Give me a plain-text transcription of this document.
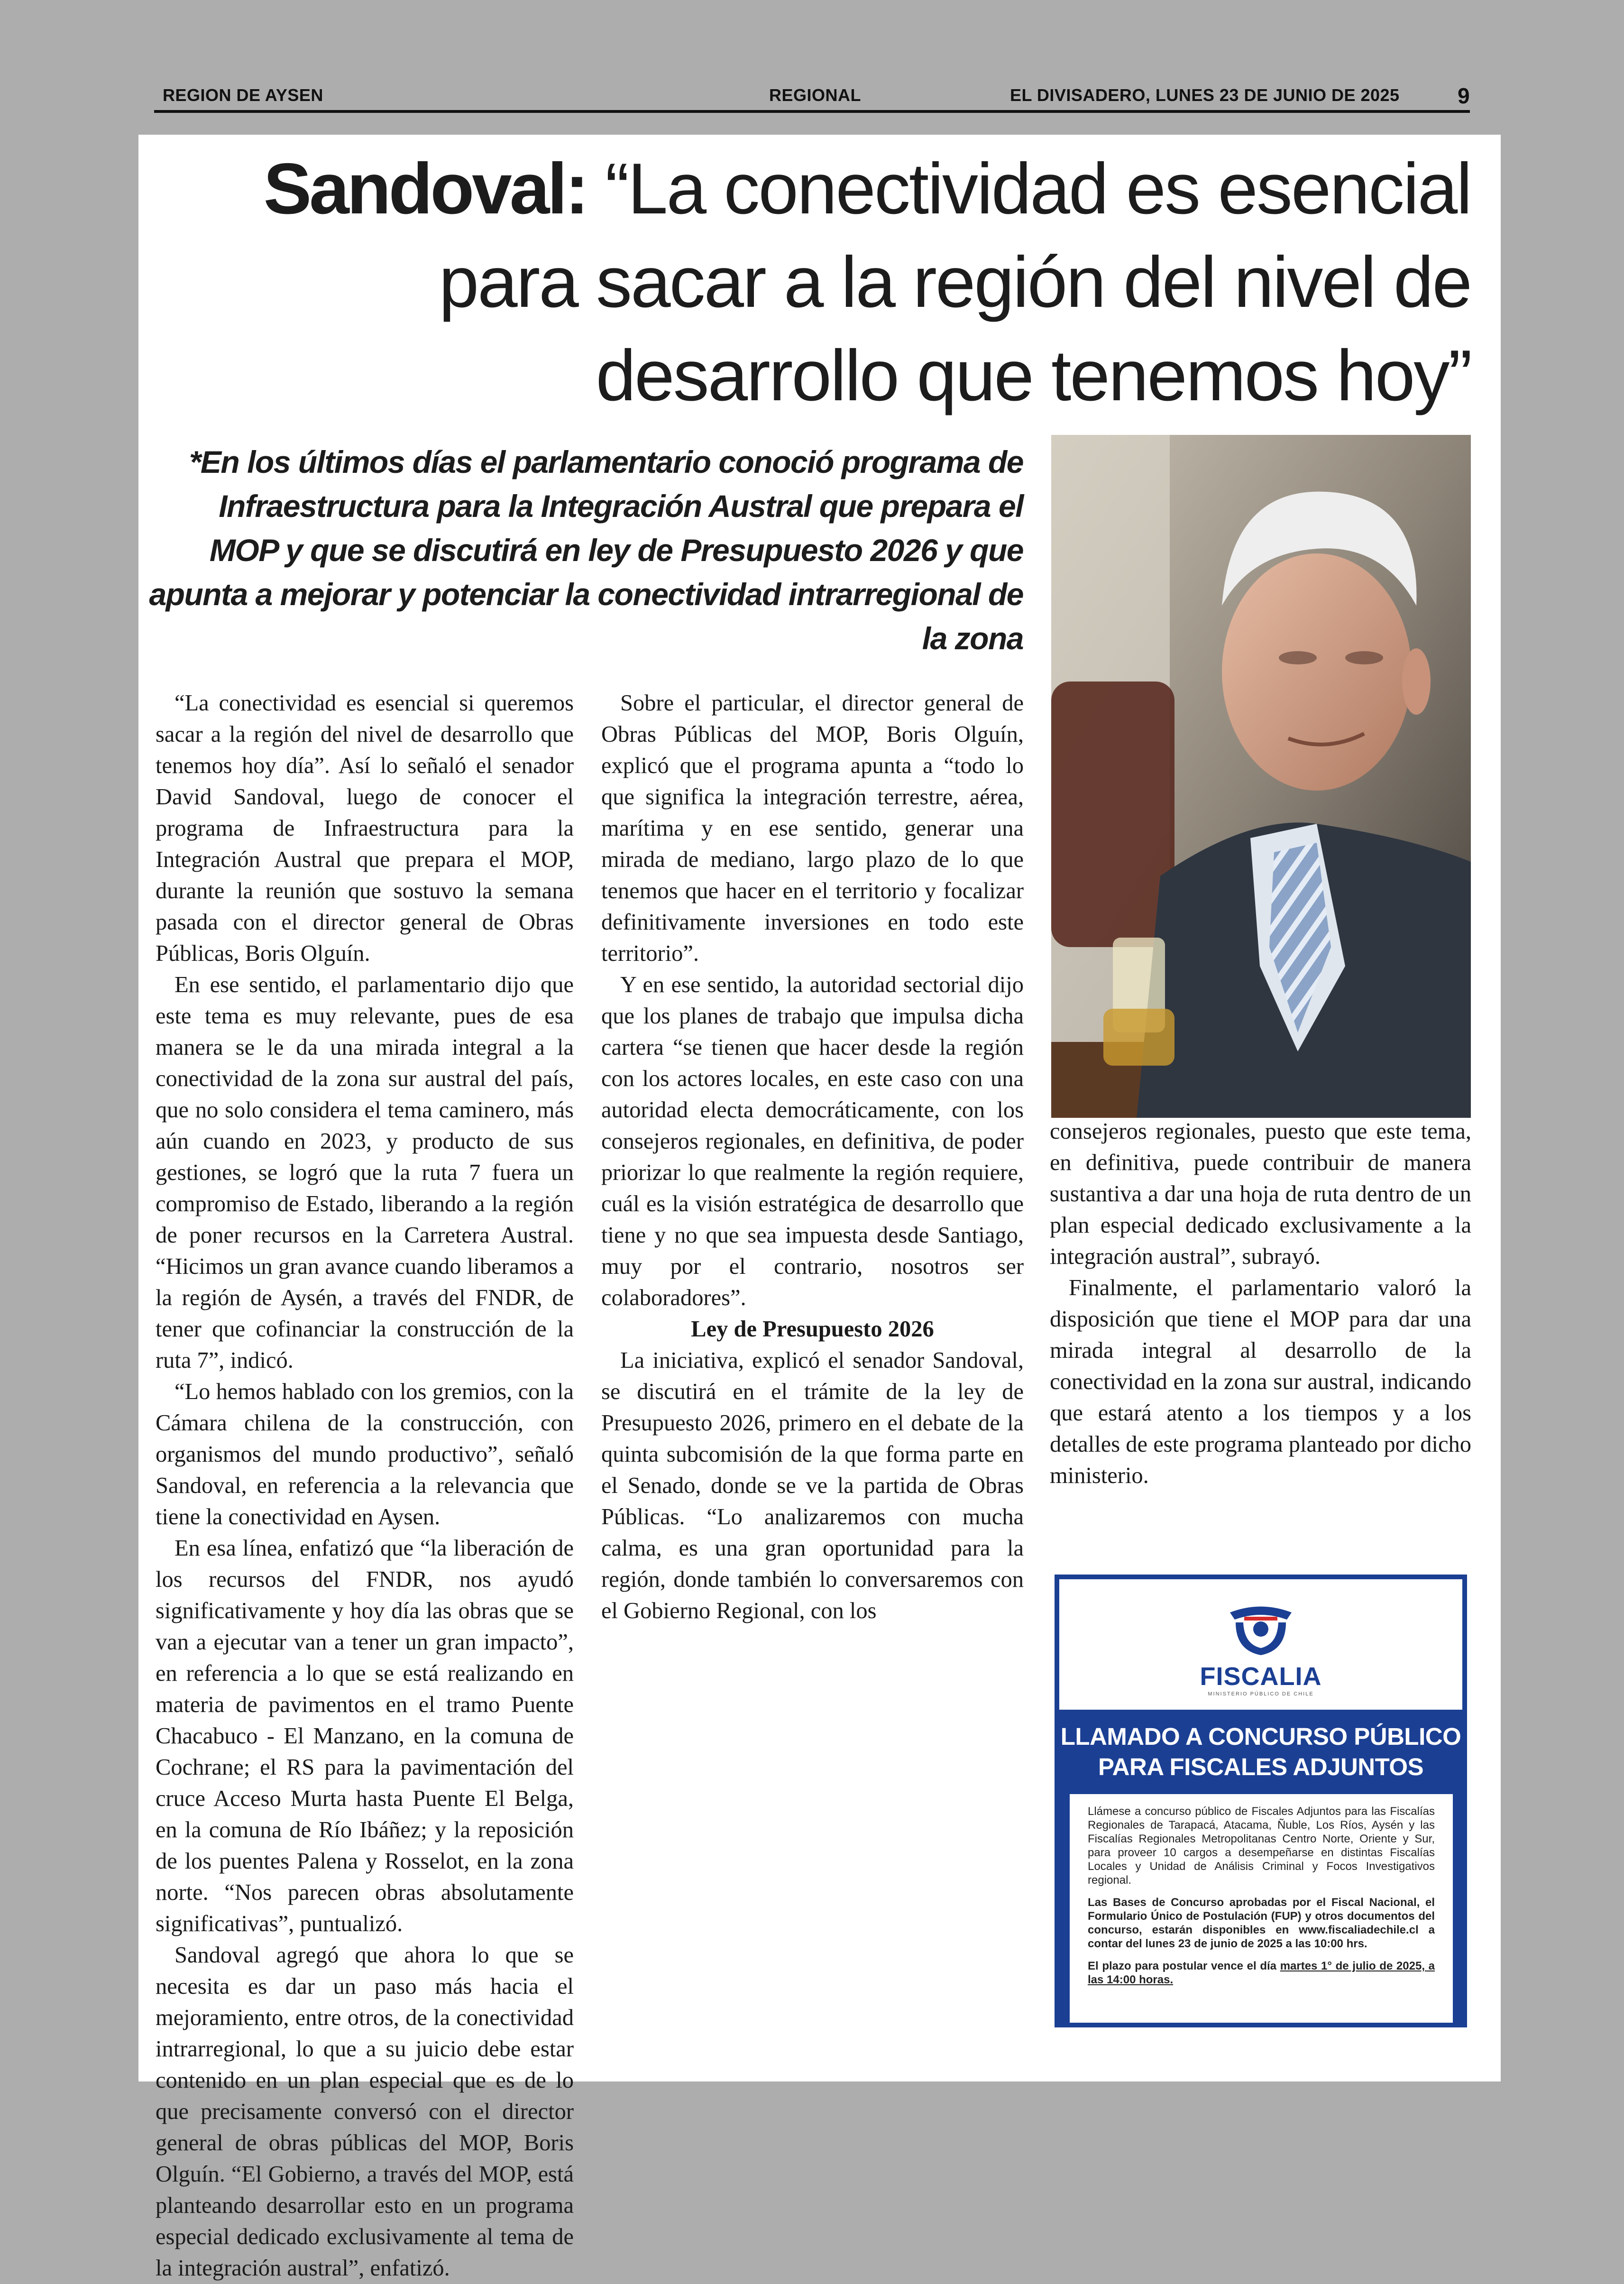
REGION DE AYSEN	REGIONAL	EL DIVISADERO, LUNES 23 DE JUNIO DE 2025	9
Sandoval: “La conectividad es esencial para sacar a la región del nivel de desarrollo que tenemos hoy”

*En los últimos días el parlamentario conoció programa de Infraestructura para la Integración Austral que prepara el MOP y que se discutirá en ley de Presupuesto 2026 y que apunta a mejorar y potenciar la conectividad intrarregional de la zona

“La conectividad es esencial si queremos sacar a la región del nivel de desarrollo que tenemos hoy día”. Así lo señaló el senador David Sandoval, luego de conocer el programa de Infraestructura para la Integración Austral que prepara el MOP, durante la reunión que sostuvo la semana pasada con el director general de Obras Públicas, Boris Olguín.

En ese sentido, el parlamentario dijo que este tema es muy relevante, pues de esa manera se le da una mirada integral a la conectividad de la zona sur austral del país, que no solo considera el tema caminero, más aún cuando en 2023, y producto de sus gestiones, se logró que la ruta 7 fuera un compromiso de Estado, liberando a la región de poner recursos en la Carretera Austral. “Hicimos un gran avance cuando liberamos a la región de Aysén, a través del FNDR, de tener que cofinanciar la construcción de la ruta 7”, indicó.

“Lo hemos hablado con los gremios, con la Cámara chilena de la construcción, con organismos del mundo productivo”, señaló Sandoval, en referencia a la relevancia que tiene la conectividad en Aysen.

En esa línea, enfatizó que “la liberación de los recursos del FNDR, nos ayudó significativamente y hoy día las obras que se van a ejecutar van a tener un gran impacto”, en referencia a lo que se está realizando en materia de pavimentos en el tramo Puente Chacabuco - El Manzano, en la comuna de Cochrane; el RS para la pavimentación del cruce Acceso Murta hasta Puente El Belga, en la comuna de Río Ibáñez; y la reposición de los puentes Palena y Rosselot, en la zona norte. “Nos parecen obras absolutamente significativas”, puntualizó.

Sandoval agregó que ahora lo que se necesita es dar un paso más hacia el mejoramiento, entre otros, de la conectividad intrarregional, lo que a su juicio debe estar contenido en un plan especial que es de lo que precisamente conversó con el director general de obras públicas del MOP, Boris Olguín. “El Gobierno, a través del MOP, está planteando desarrollar esto en un programa especial dedicado exclusivamente al tema de la integración austral”, enfatizó.

Sobre el particular, el director general de Obras Públicas del MOP, Boris Olguín, explicó que el programa apunta a “todo lo que significa la integración terrestre, aérea, marítima y en ese sentido, generar una mirada de mediano, largo plazo de lo que tenemos que hacer en el territorio y focalizar definitivamente inversiones en todo este territorio”.

Y en ese sentido, la autoridad sectorial dijo que los planes de trabajo que impulsa dicha cartera “se tienen que hacer desde la región con los actores locales, en este caso con una autoridad electa democráticamente, con los consejeros regionales, en definitiva, de poder priorizar lo que realmente la región requiere, cuál es la visión estratégica de desarrollo que tiene y no que sea impuesta desde Santiago, muy por el contrario, nosotros ser colaboradores”.

Ley de Presupuesto 2026

La iniciativa, explicó el senador Sandoval, se discutirá en el trámite de la ley de Presupuesto 2026, primero en el debate de la quinta subcomisión de la que forma parte en el Senado, donde se ve la partida de Obras Públicas. “Lo analizaremos con mucha calma, es una gran oportunidad para la región, donde también lo conversaremos con el Gobierno Regional, con los

consejeros regionales, puesto que este tema, en definitiva, puede contribuir de manera sustantiva a dar una hoja de ruta dentro de un plan especial dedicado exclusivamente a la integración austral”, subrayó.

Finalmente, el parlamentario valoró la disposición que tiene el MOP para dar una mirada integral al desarrollo de la conectividad en la zona sur austral, indicando que estará atento a los tiempos y a los detalles de este programa planteado por dicho ministerio.

FISCALIA
MINISTERIO PÚBLICO DE CHILE
LLAMADO A CONCURSO PÚBLICO
PARA FISCALES ADJUNTOS

Llámese a concurso público de Fiscales Adjuntos para las Fiscalías Regionales de Tarapacá, Atacama, Ñuble, Los Ríos, Aysén y las Fiscalías Regionales Metropolitanas Centro Norte, Oriente y Sur, para proveer 10 cargos a desempeñarse en distintas Fiscalías Locales y Unidad de Análisis Criminal y Focos Investigativos regional.

Las Bases de Concurso aprobadas por el Fiscal Nacional, el Formulario Único de Postulación (FUP) y otros documentos del concurso, estarán disponibles en www.fiscaliadechile.cl a contar del lunes 23 de junio de 2025 a las 10:00 hrs.

El plazo para postular vence el día martes 1° de julio de 2025, a las 14:00 horas.
